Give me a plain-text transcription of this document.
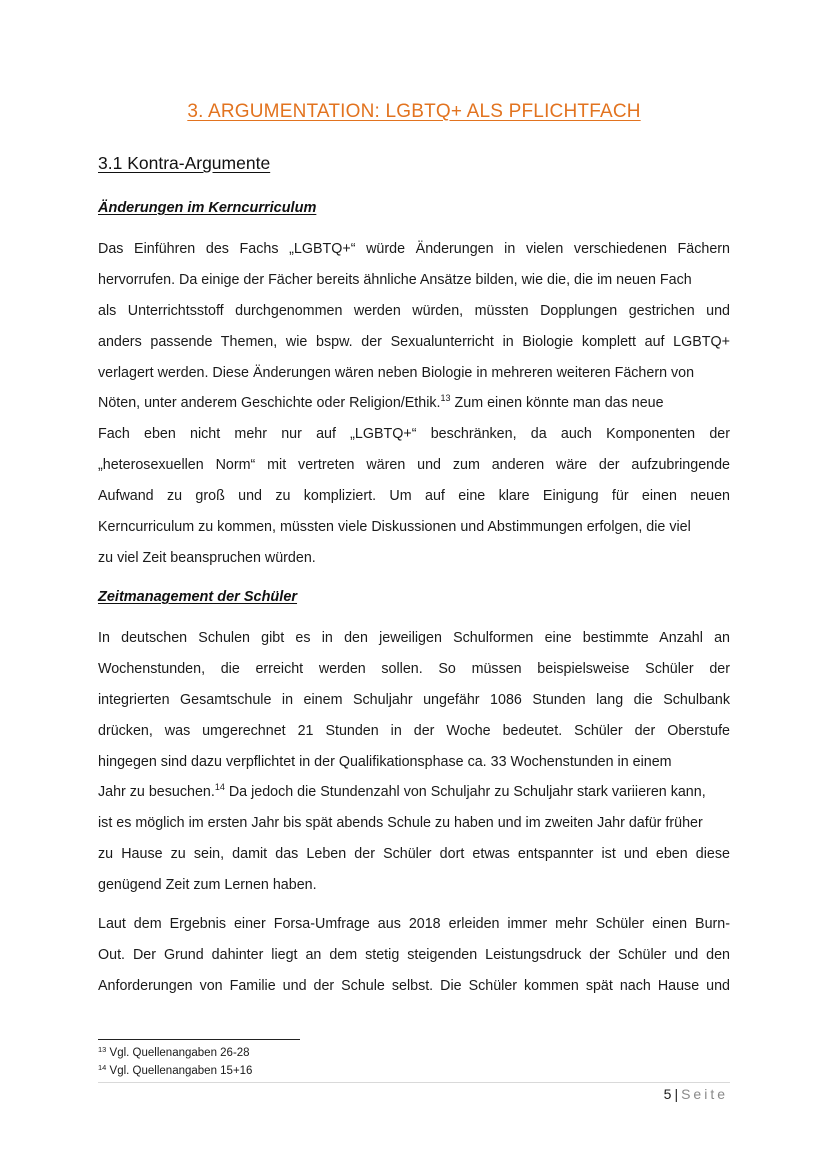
3. ARGUMENTATION: LGBTQ+ ALS PFLICHTFACH
3.1 Kontra-Argumente
Änderungen im Kerncurriculum
Das Einführen des Fachs „LGBTQ+“ würde Änderungen in vielen verschiedenen Fächern
hervorrufen. Da einige der Fächer bereits ähnliche Ansätze bilden, wie die, die im neuen Fach
als Unterrichtsstoff durchgenommen werden würden, müssten Dopplungen gestrichen und
anders passende Themen, wie bspw. der Sexualunterricht in Biologie komplett auf LGBTQ+
verlagert werden. Diese Änderungen wären neben Biologie in mehreren weiteren Fächern von
Nöten, unter anderem Geschichte oder Religion/Ethik.$^{13}$ Zum einen könnte man das neue
Fach eben nicht mehr nur auf „LGBTQ+“ beschränken, da auch Komponenten der
„heterosexuellen Norm“ mit vertreten wären und zum anderen wäre der aufzubringende
Aufwand zu groß und zu kompliziert. Um auf eine klare Einigung für einen neuen
Kerncurriculum zu kommen, müssten viele Diskussionen und Abstimmungen erfolgen, die viel
zu viel Zeit beanspruchen würden.
Zeitmanagement der Schüler
In deutschen Schulen gibt es in den jeweiligen Schulformen eine bestimmte Anzahl an
Wochenstunden, die erreicht werden sollen. So müssen beispielsweise Schüler der
integrierten Gesamtschule in einem Schuljahr ungefähr 1086 Stunden lang die Schulbank
drücken, was umgerechnet 21 Stunden in der Woche bedeutet. Schüler der Oberstufe
hingegen sind dazu verpflichtet in der Qualifikationsphase ca. 33 Wochenstunden in einem
Jahr zu besuchen.$^{14}$ Da jedoch die Stundenzahl von Schuljahr zu Schuljahr stark variieren kann,
ist es möglich im ersten Jahr bis spät abends Schule zu haben und im zweiten Jahr dafür früher
zu Hause zu sein, damit das Leben der Schüler dort etwas entspannter ist und eben diese
genügend Zeit zum Lernen haben.
Laut dem Ergebnis einer Forsa-Umfrage aus 2018 erleiden immer mehr Schüler einen Burn-
Out. Der Grund dahinter liegt an dem stetig steigenden Leistungsdruck der Schüler und den
Anforderungen von Familie und der Schule selbst. Die Schüler kommen spät nach Hause und
$^{13}$ Vgl. Quellenangaben 26-28
$^{14}$ Vgl. Quellenangaben 15+16
5 | Seite
